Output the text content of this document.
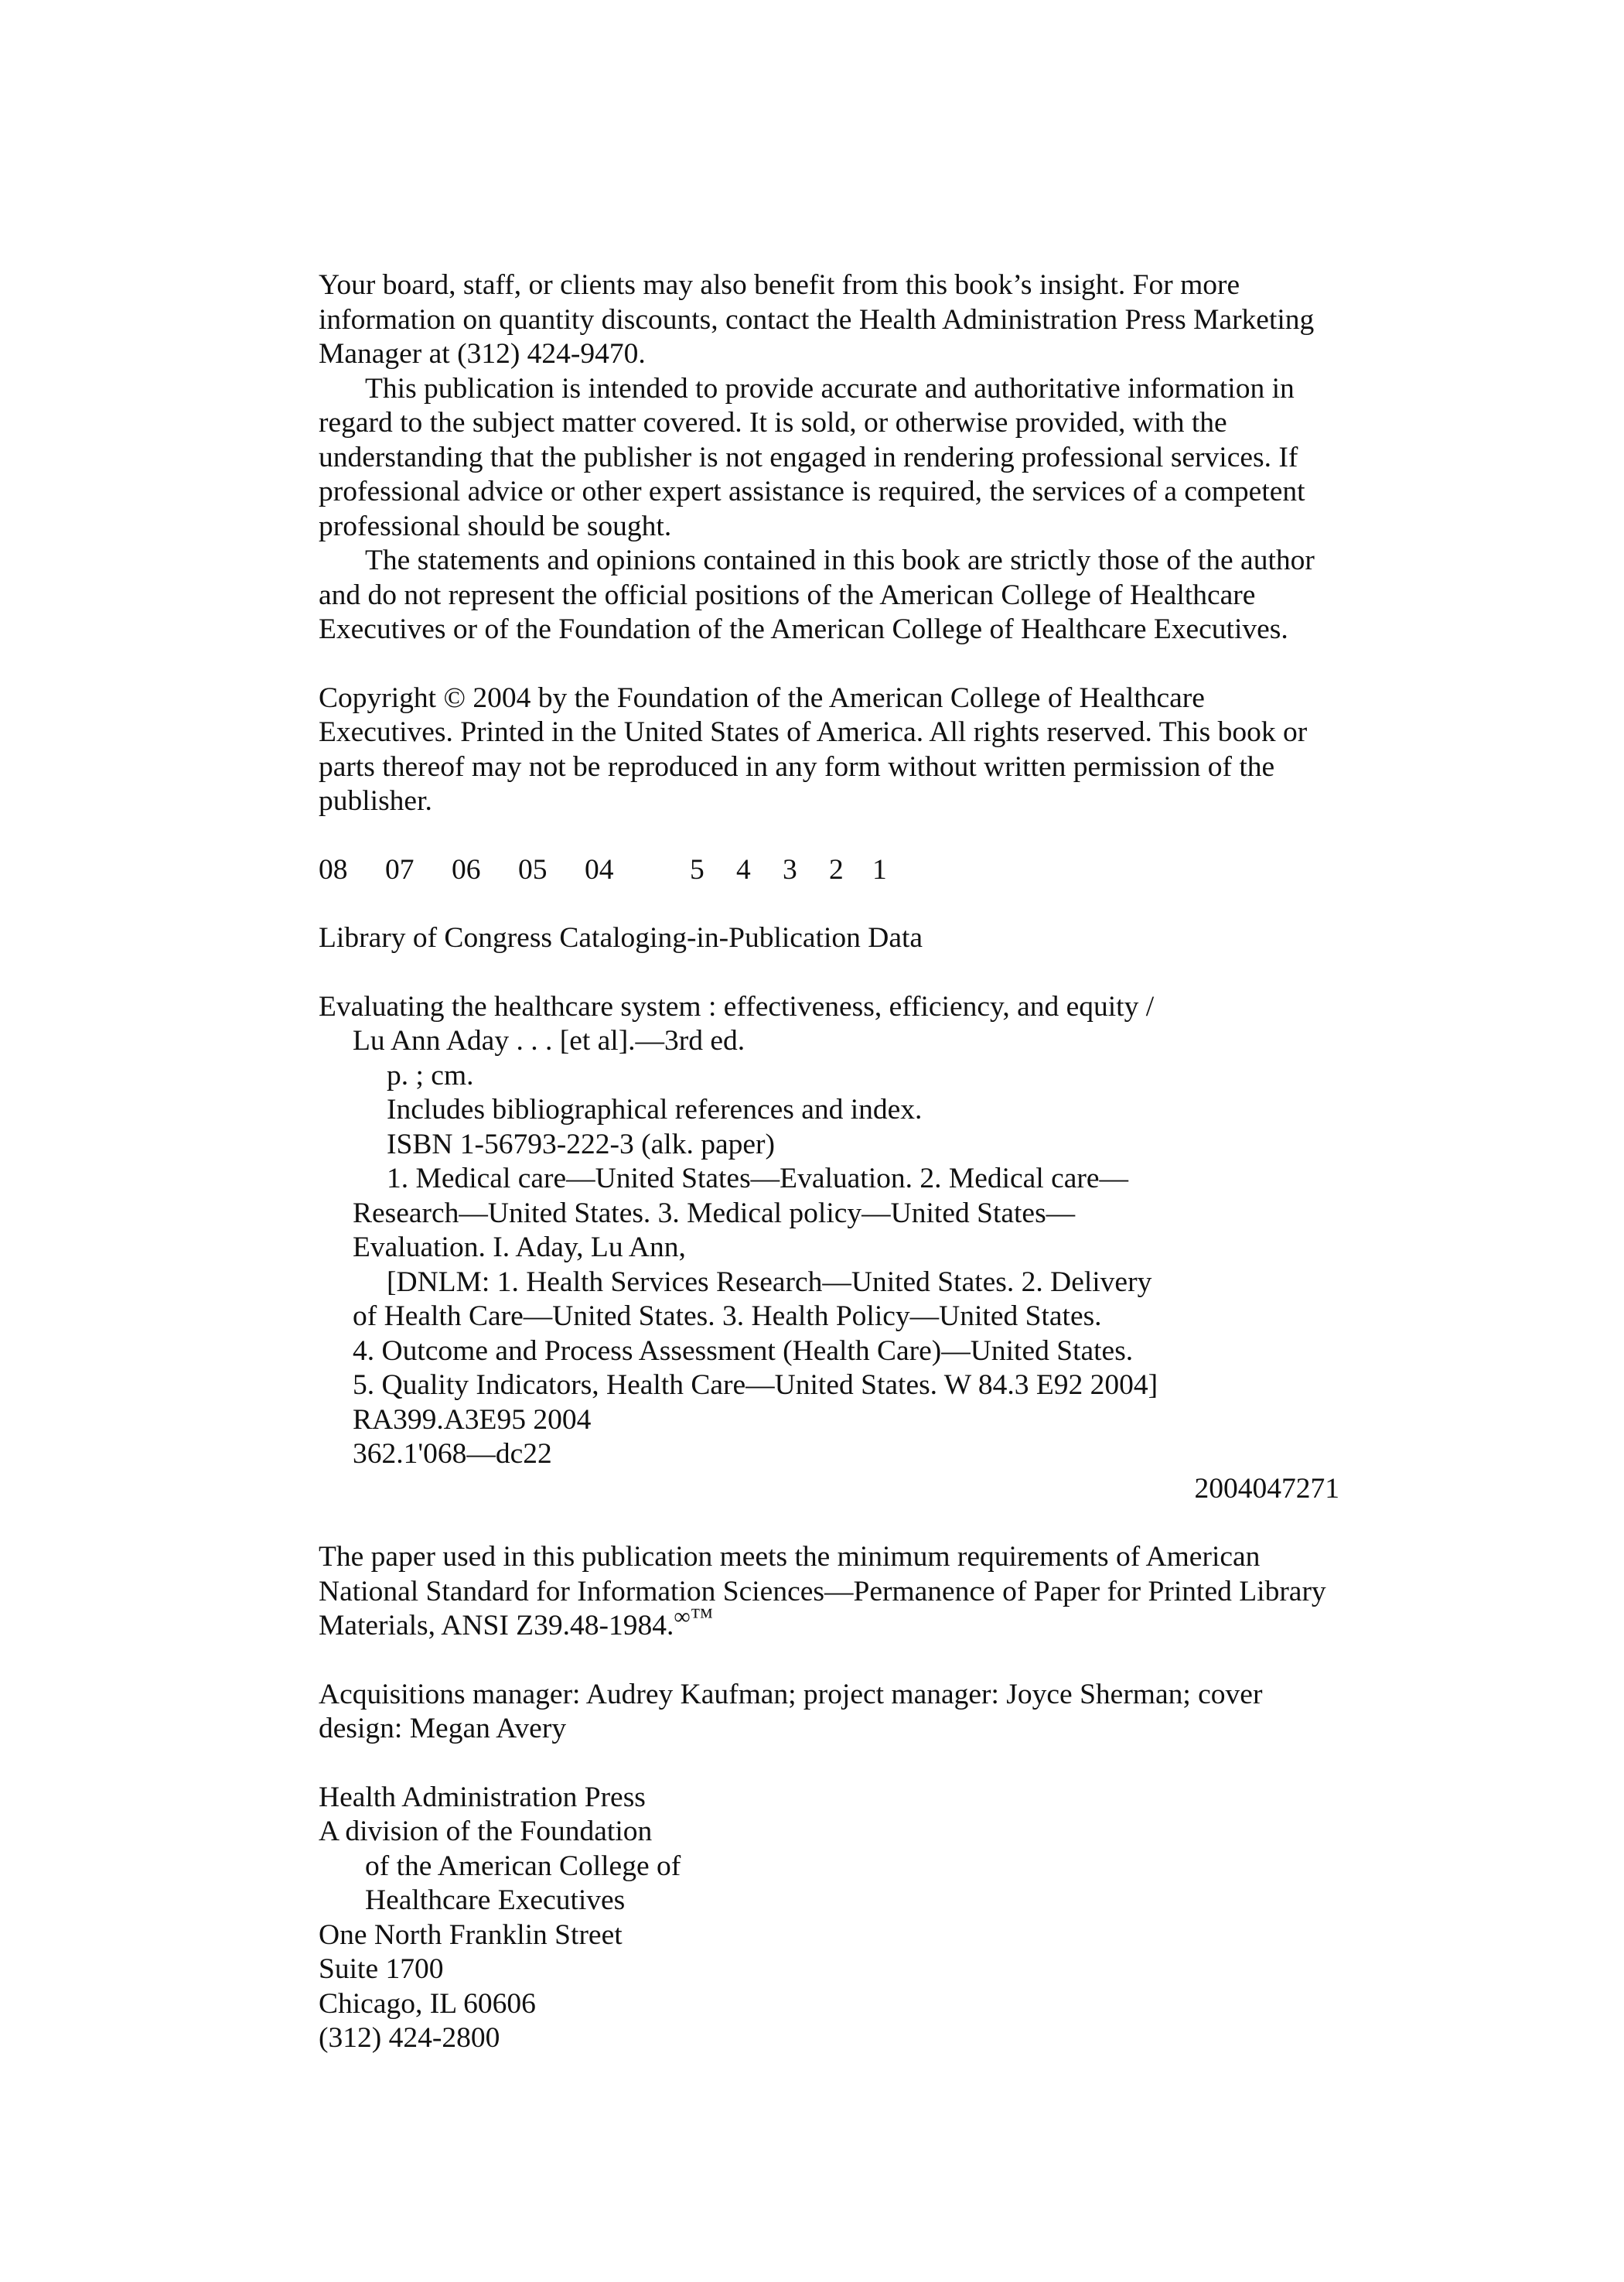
Your board, staff, or clients may also benefit from this book’s insight. For more information on quantity discounts, contact the Health Administration Press Marketing Manager at (312) 424-9470.

This publication is intended to provide accurate and authoritative information in regard to the subject matter covered. It is sold, or otherwise provided, with the understanding that the publisher is not engaged in rendering professional services. If professional advice or other expert assistance is required, the services of a competent professional should be sought.

The statements and opinions contained in this book are strictly those of the author and do not represent the official positions of the American College of Healthcare Executives or of the Foundation of the American College of Healthcare Executives.

Copyright © 2004 by the Foundation of the American College of Healthcare Executives. Printed in the United States of America. All rights reserved. This book or parts thereof may not be reproduced in any form without written permission of the publisher.

08 07 06 05 04	5 4 3 2 1

Library of Congress Cataloging-in-Publication Data

Evaluating the healthcare system : effectiveness, efficiency, and equity /
Lu Ann Aday . . . [et al].—3rd ed.
p. ; cm.
Includes bibliographical references and index.
ISBN 1-56793-222-3 (alk. paper)
1. Medical care—United States—Evaluation. 2. Medical care—
Research—United States. 3. Medical policy—United States—
Evaluation. I. Aday, Lu Ann,
[DNLM: 1. Health Services Research—United States. 2. Delivery
of Health Care—United States. 3. Health Policy—United States.
4. Outcome and Process Assessment (Health Care)—United States.
5. Quality Indicators, Health Care—United States. W 84.3 E92 2004]
RA399.A3E95 2004
362.1'068—dc22
2004047271

The paper used in this publication meets the minimum requirements of American National Standard for Information Sciences—Permanence of Paper for Printed Library Materials, ANSI Z39.48-1984.∞™

Acquisitions manager: Audrey Kaufman; project manager: Joyce Sherman; cover design: Megan Avery

Health Administration Press
A division of the Foundation
of the American College of
Healthcare Executives
One North Franklin Street
Suite 1700
Chicago, IL 60606
(312) 424-2800
